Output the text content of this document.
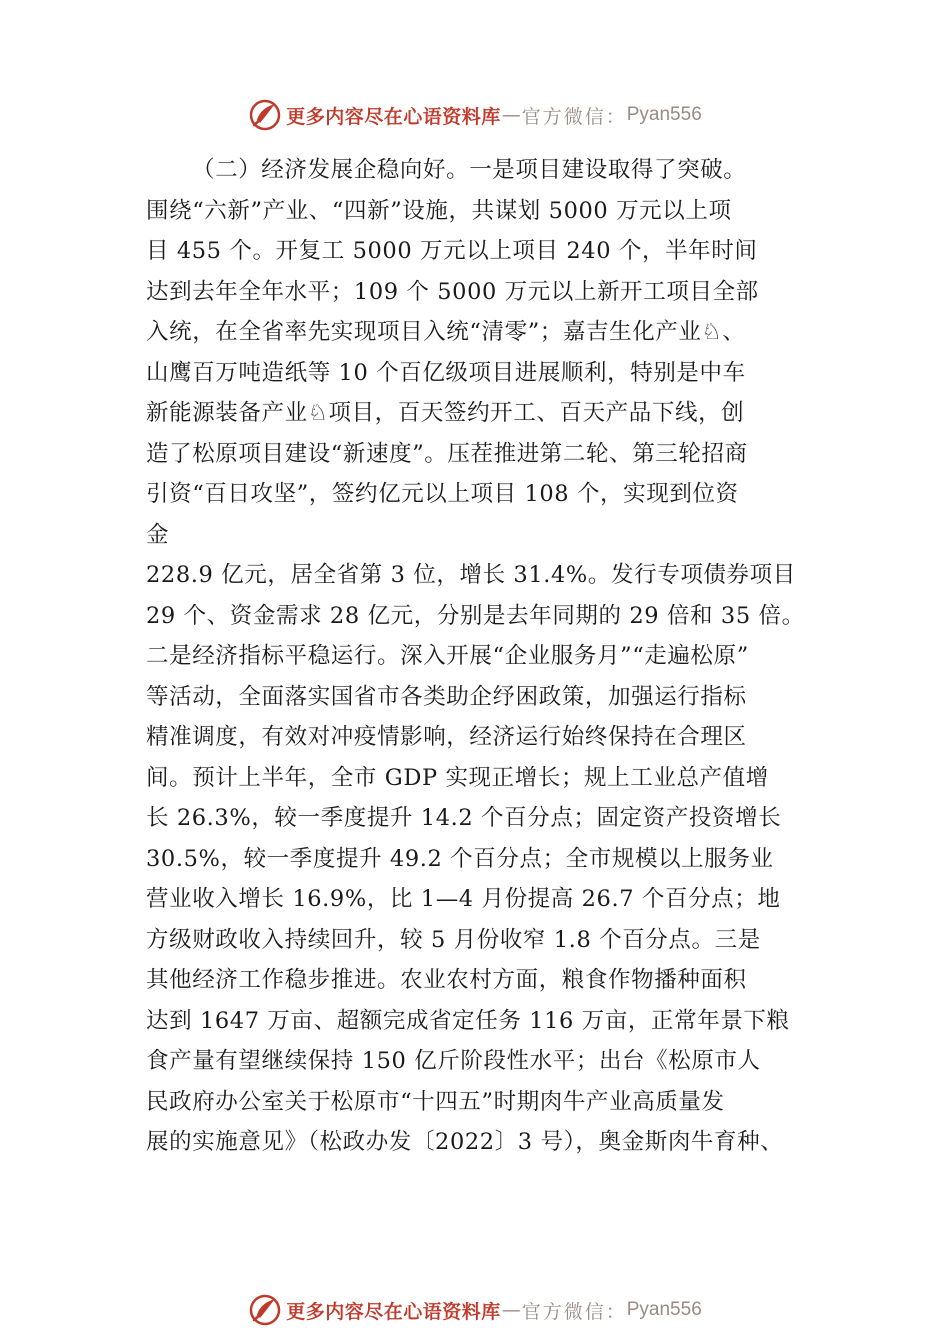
更多内容尽在心语资料库 — 官方微信： Pyan556
（二）经济发展企稳向好。一是项目建设取得了突破。
围绕“六新”产业、“四新”设施，共谋划 5000 万元以上项
目 455 个。开复工 5000 万元以上项目 240 个，半年时间
达到去年全年水平；109 个 5000 万元以上新开工项目全部
入统，在全省率先实现项目入统“清零”；嘉吉生化产业♘、
山鹰百万吨造纸等 10 个百亿级项目进展顺利，特别是中车
新能源装备产业♘项目，百天签约开工、百天产品下线，创
造了松原项目建设“新速度”。压茬推进第二轮、第三轮招商
引资“百日攻坚”，签约亿元以上项目 108 个，实现到位资
金
228.9 亿元，居全省第 3 位，增长 31.4%。发行专项债券项目
29 个、资金需求 28 亿元，分别是去年同期的 29 倍和 35 倍。
二是经济指标平稳运行。深入开展“企业服务月”“走遍松原”
等活动，全面落实国省市各类助企纾困政策，加强运行指标
精准调度，有效对冲疫情影响，经济运行始终保持在合理区
间。预计上半年，全市 GDP 实现正增长；规上工业总产值增
长 26.3%，较一季度提升 14.2 个百分点；固定资产投资增长
30.5%，较一季度提升 49.2 个百分点；全市规模以上服务业
营业收入增长 16.9%，比 1—4 月份提高 26.7 个百分点；地
方级财政收入持续回升，较 5 月份收窄 1.8 个百分点。三是
其他经济工作稳步推进。农业农村方面，粮食作物播种面积
达到 1647 万亩、超额完成省定任务 116 万亩，正常年景下粮
食产量有望继续保持 150 亿斤阶段性水平；出台《松原市人
民政府办公室关于松原市“十四五”时期肉牛产业高质量发
展的实施意见》（松政办发〔2022〕3 号），奥金斯肉牛育种、
更多内容尽在心语资料库 — 官方微信： Pyan556
